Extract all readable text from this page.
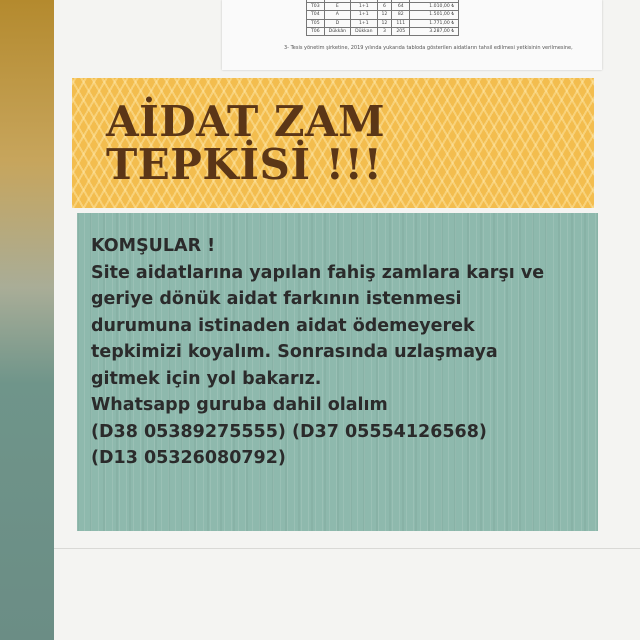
T03	E	1+1	6	64	1.010,00 ₺
T04	A	1+1	12	82	1.501,00 ₺
T05	D	1+1	12	111	1.771,00 ₺
T06	Dükkân	Dükkan	3	205	3.287,00 ₺
3- Tesis yönetim şirketine, 2019 yılında yukarıda tabloda gösterilen aidatların tahsil edilmesi yetkisinin verilmesine,
AİDAT ZAM
TEPKİSİ !!!
KOMŞULAR !
Site aidatlarına yapılan fahiş zamlara karşı ve
geriye dönük aidat farkının istenmesi
durumuna istinaden aidat ödemeyerek
tepkimizi koyalım. Sonrasında uzlaşmaya
gitmek için yol bakarız.
Whatsapp guruba dahil olalım
(D38 05389275555) (D37 05554126568)
(D13 05326080792)
